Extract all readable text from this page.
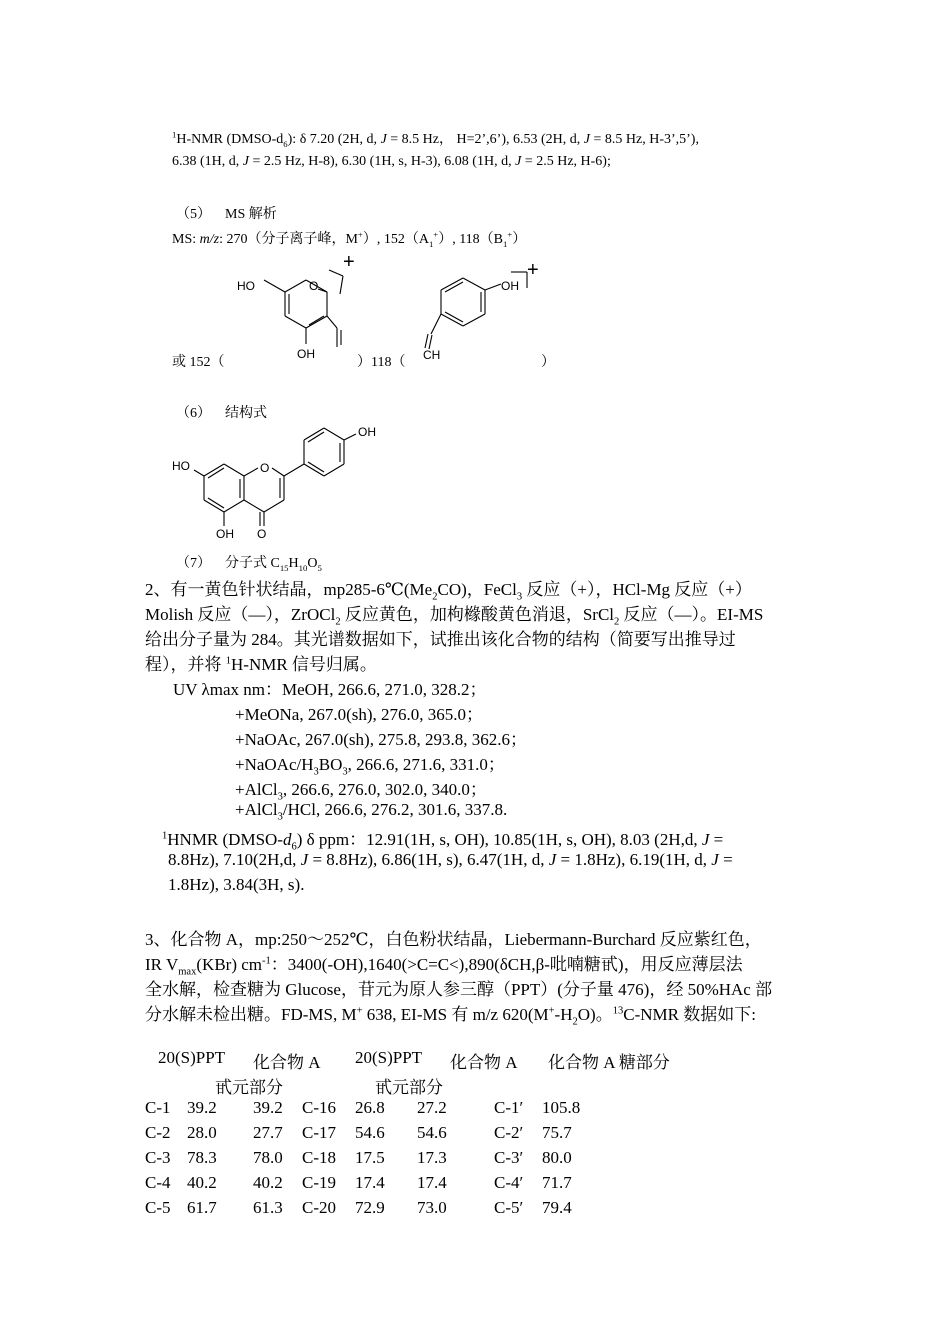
$^1$H-NMR $(DMSO-d_6)$: δ 7.20 (2H, d, J = 8.5 Hz， H=2’,6’), 6.53 (2H, d, J = 8.5 Hz, H-3’,5’),
6.38 (1H, d, J = 2.5 Hz, H-8), 6.30 (1H, s, H-3), 6.08 (1H, d, J = 2.5 Hz, H-6);
（5） MS 解析
MS: m/z: 270（分子离子峰，M+）, $152(A_1^+)$, $118(B_1^+)$
或 152（	）118（	）
HO	O
OH
+
OH
CH
+
（6） 结构式
OH
HO	O
O
OH
（7） 分子式 $C_{15}H_{10}O_5$
2、有一黄色针状结晶，$mp285-6℃(Me_2CO)$，FeCl$_3$ 反应（+），HCl-Mg 反应（+）
Molish 反应（—），ZrOCl$_2$ 反应黄色，加枸橼酸黄色消退，SrCl$_2$ 反应（—）。EI-MS
给出分子量为 284。其光谱数据如下，试推出该化合物的结构（简要写出推导过
程），并将 $^1$H-NMR 信号归属。
UV λmax nm：MeOH, 266.6, 271.0, 328.2；
+MeONa, 267.0(sh), 276.0, 365.0；
+NaOAc, 267.0(sh), 275.8, 293.8, 362.6；
$+NaOAc/H_3BO_3$, 266.6, 271.6, 331.0；
+AlCl$_3$, 266.6, 276.0, 302.0, 340.0；
+AlCl$_3$/HCl, 266.6, 276.2, 301.6, 337.8.
$^1$HNMR $(DMSO-d_6)$ δ ppm：12.91(1H, s, OH), 10.85(1H, s, OH), 8.03 (2H,d, J =
8.8Hz), 7.10(2H,d, J = 8.8Hz), 6.86(1H, s), 6.47(1H, d, J = 1.8Hz), 6.19(1H, d, J =
1.8Hz), 3.84(3H, s).
3、化合物 A，mp:250～252℃，白色粉状结晶，Liebermann-Burchard 反应紫红色，
IR $V_{max}(KBr)$ $cm^{-1}$：3400(-OH),1640(>C=C<),890(δCH,β-吡喃糖甙)，用反应薄层法
全水解，检查糖为 Glucose，苷元为原人参三醇（PPT）(分子量 476)，经 50%HAc 部
分水解未检出糖。FD-MS, M+ 638, EI-MS 有 m/z $620(M^+-H_2O)$。$^{13}$C-NMR 数据如下:
20(S)PPT 化合物 A 20(S)PPT 化合物 A 化合物 A 糖部分
甙元部分	甙元部分
C-1 39.2 39.2 C-16 26.8 27.2	C-1′ 105.8
C-2 28.0 27.7 C-17 54.6 54.6	C-2′ 75.7
C-3 78.3 78.0 C-18 17.5 17.3	C-3′ 80.0
C-4 40.2 40.2 C-19 17.4 17.4	C-4′ 71.7
C-5 61.7 61.3 C-20 72.9 73.0	C-5′ 79.4
